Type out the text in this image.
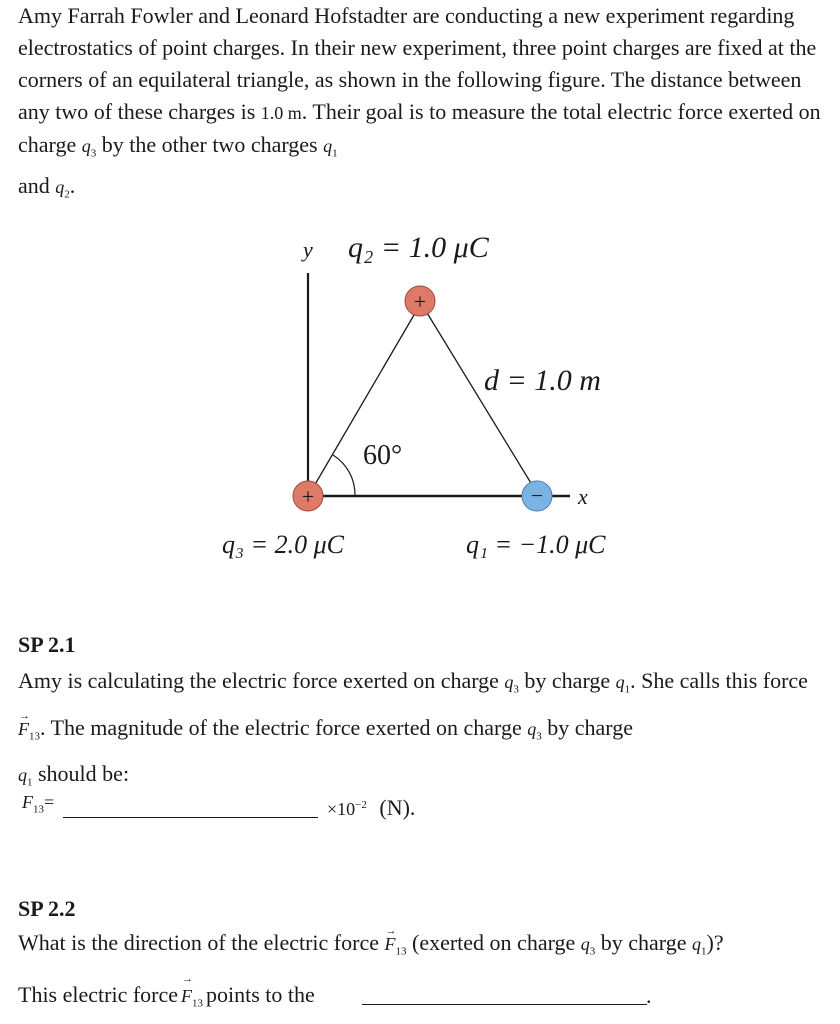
Amy Farrah Fowler and Leonard Hofstadter are conducting a new experiment regarding electrostatics of point charges. In their new experiment, three point charges are fixed at the corners of an equilateral triangle, as shown in the following figure. The distance between any two of these charges is 1.0 m. Their goal is to measure the total electric force exerted on charge $q_3$ by the other two charges $q_1$
and $q_2$.
60°
+
+	−
y
x
q₂ = 1.0 μC
d = 1.0 m
q₃ = 2.0 μC	q₁ = −1.0 μC
SP 2.1
Amy is calculating the electric force exerted on charge $q_3$ by charge $q_1$. She calls this force → $F_{13}$. The magnitude of the electric force exerted on charge $q_3$ by charge
$q_1$ should be:
$F_{13}$ =	$\times 10^{-2}$ (N).
SP 2.2
What is the direction of the electric force → $F_{13}$ (exerted on charge $q_3$ by charge $q_1$)?
This electric force
→ $F_{13}$ points to the	.
